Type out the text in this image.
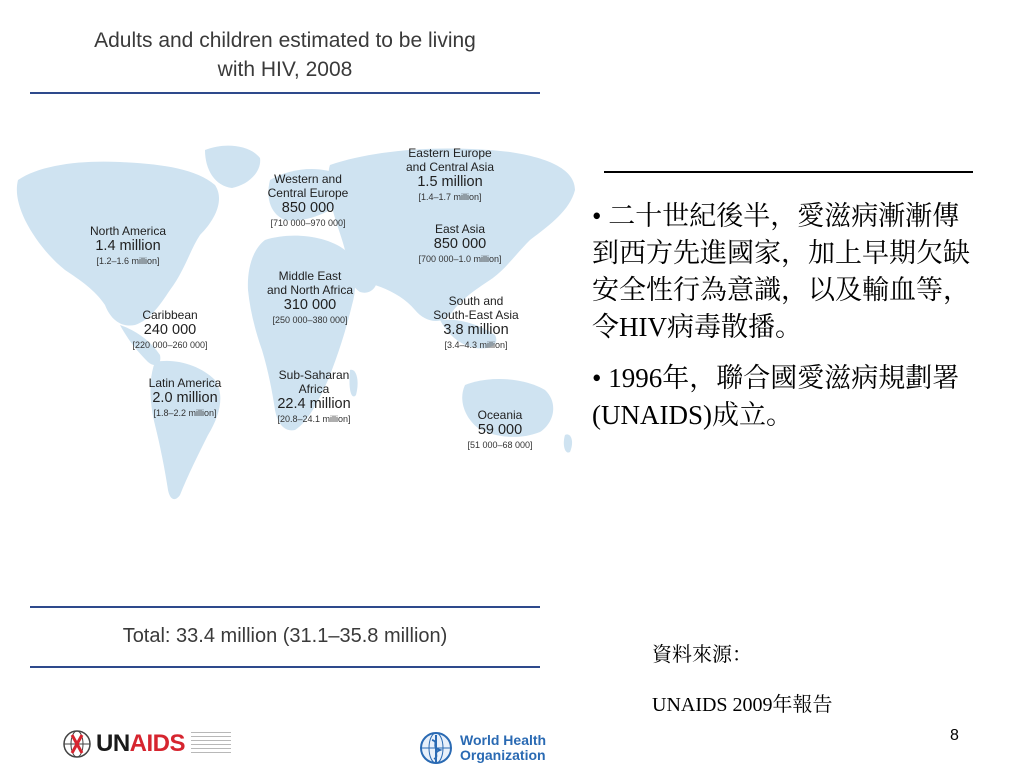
Adults and children estimated to be living
with HIV, 2008
Eastern Europe
and Central Asia
1.5 million
[1.4–1.7 million]
Western and
Central Europe
850 000
[710 000–970 000]
North America
1.4 million
[1.2–1.6 million]
East Asia
850 000
[700 000–1.0 million]
Middle East
and North Africa
310 000
[250 000–380 000]
Caribbean
240 000
[220 000–260 000]
South and
South-East Asia
3.8 million
[3.4–4.3 million]
Latin America
2.0 million
[1.8–2.2 million]
Sub-Saharan
Africa
22.4 million
[20.8–24.1 million]	Oceania
59 000
[51 000–68 000]
Total: 33.4 million (31.1–35.8 million)
• 二十世紀後半，愛滋病漸漸傳到西方先進國家，加上早期欠缺安全性行為意識，以及輸血等，令HIV病毒散播。
• 1996年，聯合國愛滋病規劃署(UNAIDS)成立。
資料來源：
UNAIDS 2009年報告
8
UNAIDS	World Health
Organization
